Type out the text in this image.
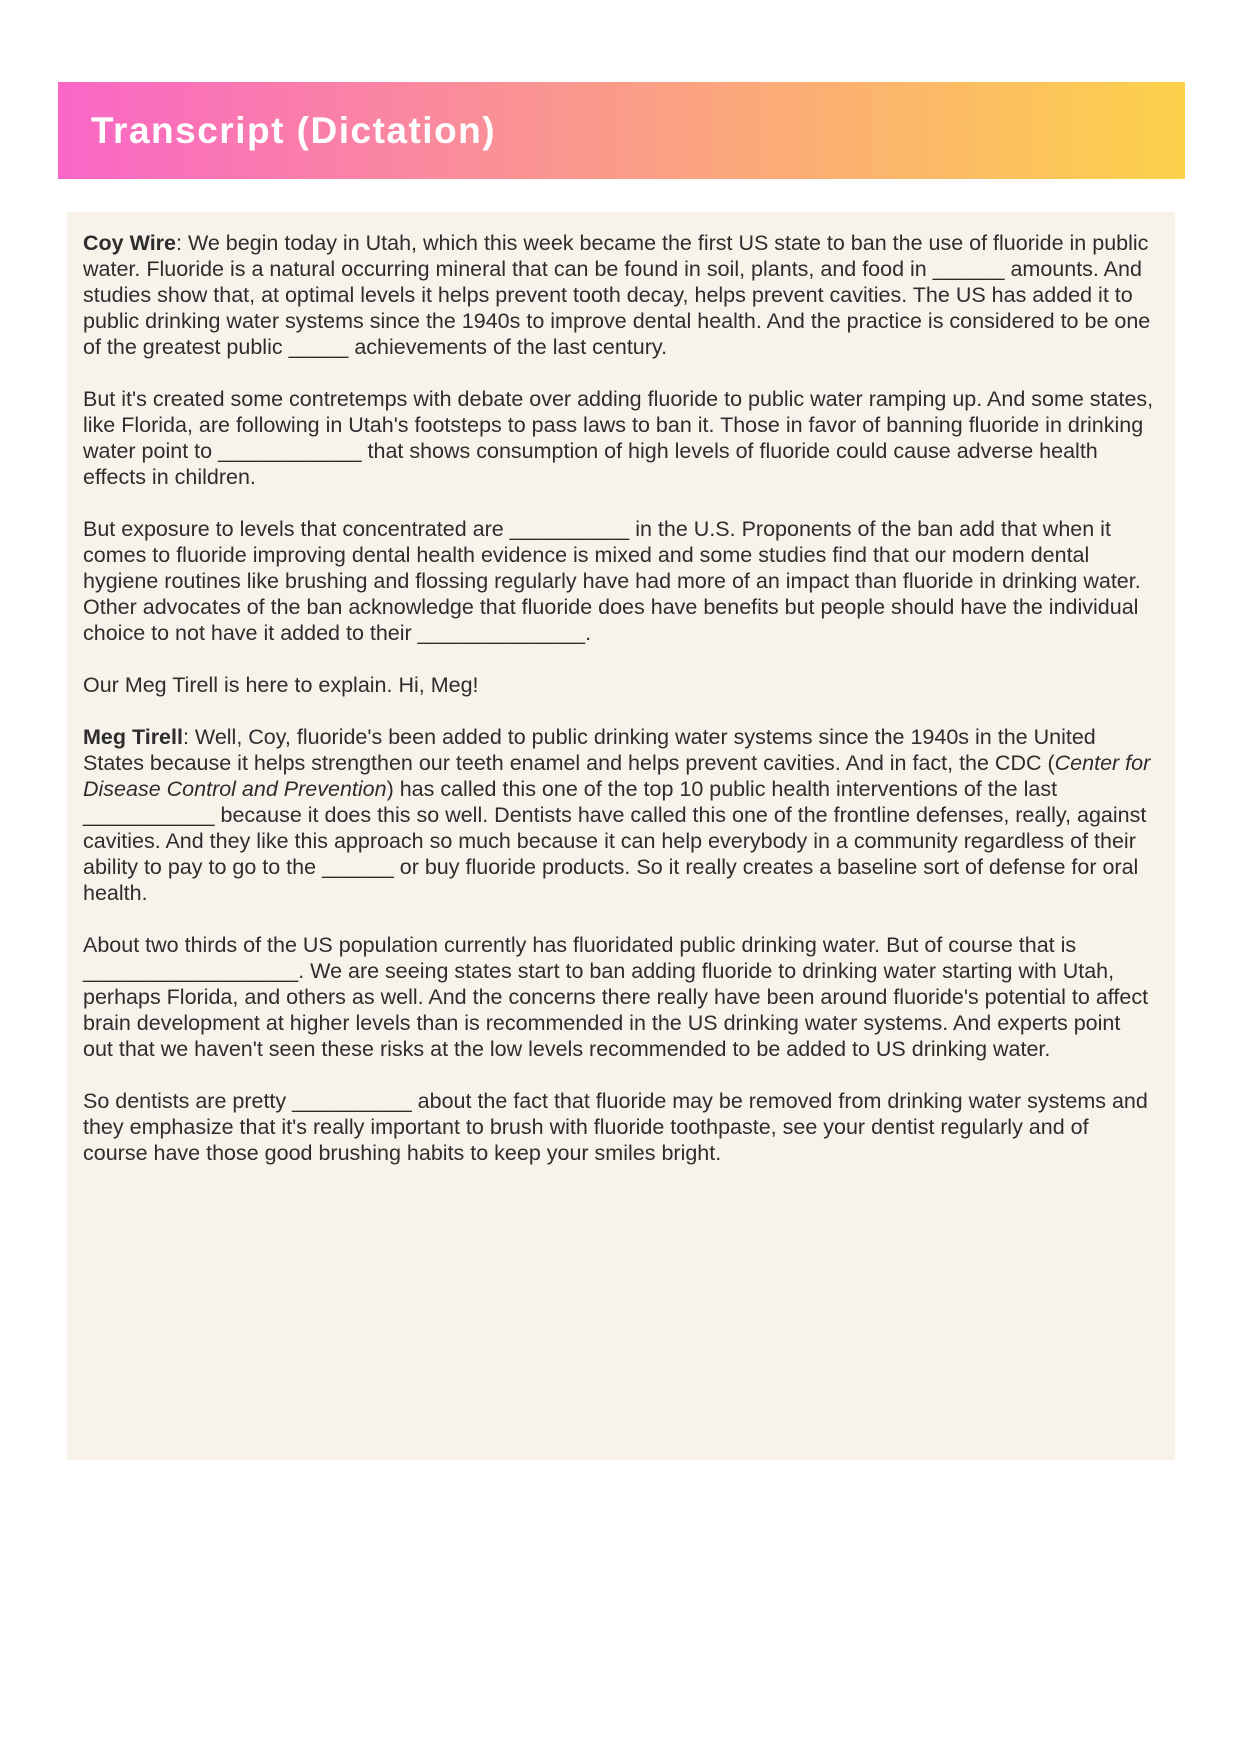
Transcript (Dictation)

Coy Wire: We begin today in Utah, which this week became the first US state to ban the use of fluoride in public water. Fluoride is a natural occurring mineral that can be found in soil, plants, and food in ______ amounts. And studies show that, at optimal levels it helps prevent tooth decay, helps prevent cavities. The US has added it to public drinking water systems since the 1940s to improve dental health. And the practice is considered to be one of the greatest public _____ achievements of the last century.

But it's created some contretemps with debate over adding fluoride to public water ramping up. And some states, like Florida, are following in Utah's footsteps to pass laws to ban it. Those in favor of banning fluoride in drinking water point to ____________ that shows consumption of high levels of fluoride could cause adverse health effects in children.

But exposure to levels that concentrated are __________ in the U.S. Proponents of the ban add that when it comes to fluoride improving dental health evidence is mixed and some studies find that our modern dental hygiene routines like brushing and flossing regularly have had more of an impact than fluoride in drinking water. Other advocates of the ban acknowledge that fluoride does have benefits but people should have the individual choice to not have it added to their ______________.

Our Meg Tirell is here to explain. Hi, Meg!

Meg Tirell: Well, Coy, fluoride's been added to public drinking water systems since the 1940s in the United States because it helps strengthen our teeth enamel and helps prevent cavities. And in fact, the CDC (Center for Disease Control and Prevention) has called this one of the top 10 public health interventions of the last ___________ because it does this so well. Dentists have called this one of the frontline defenses, really, against cavities. And they like this approach so much because it can help everybody in a community regardless of their ability to pay to go to the ______ or buy fluoride products. So it really creates a baseline sort of defense for oral health.

About two thirds of the US population currently has fluoridated public drinking water. But of course that is __________________. We are seeing states start to ban adding fluoride to drinking water starting with Utah, perhaps Florida, and others as well. And the concerns there really have been around fluoride's potential to affect brain development at higher levels than is recommended in the US drinking water systems. And experts point out that we haven't seen these risks at the low levels recommended to be added to US drinking water.

So dentists are pretty __________ about the fact that fluoride may be removed from drinking water systems and they emphasize that it's really important to brush with fluoride toothpaste, see your dentist regularly and of course have those good brushing habits to keep your smiles bright.
